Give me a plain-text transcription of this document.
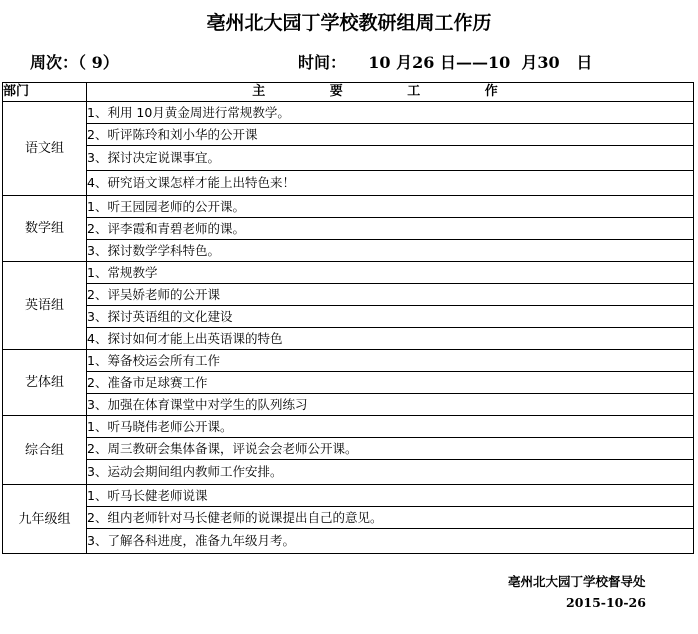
亳州北大园丁学校教研组周工作历
周次：（ 9）	时间：    10 月26 日——10  月30   日
部门	主 要 工 作
语文组	1、利用 10月黄金周进行常规教学。
	2、听评陈玲和刘小华的公开课
	3、探讨决定说课事宜。
	4、研究语文课怎样才能上出特色来！
数学组	1、听王园园老师的公开课。
	2、评李霞和青碧老师的课。
	3、探讨数学学科特色。
英语组	1、常规教学
	2、评吴娇老师的公开课
	3、探讨英语组的文化建设
	4、探讨如何才能上出英语课的特色
艺体组	1、筹备校运会所有工作
	2、准备市足球赛工作
	3、加强在体育课堂中对学生的队列练习
综合组	1、听马晓伟老师公开课。
	2、周三教研会集体备课，评说会会老师公开课。
	3、运动会期间组内教师工作安排。
九年级组	1、听马长健老师说课
	2、组内老师针对马长健老师的说课提出自己的意见。
	3、了解各科进度，准备九年级月考。
亳州北大园丁学校督导处
2015-10-26
